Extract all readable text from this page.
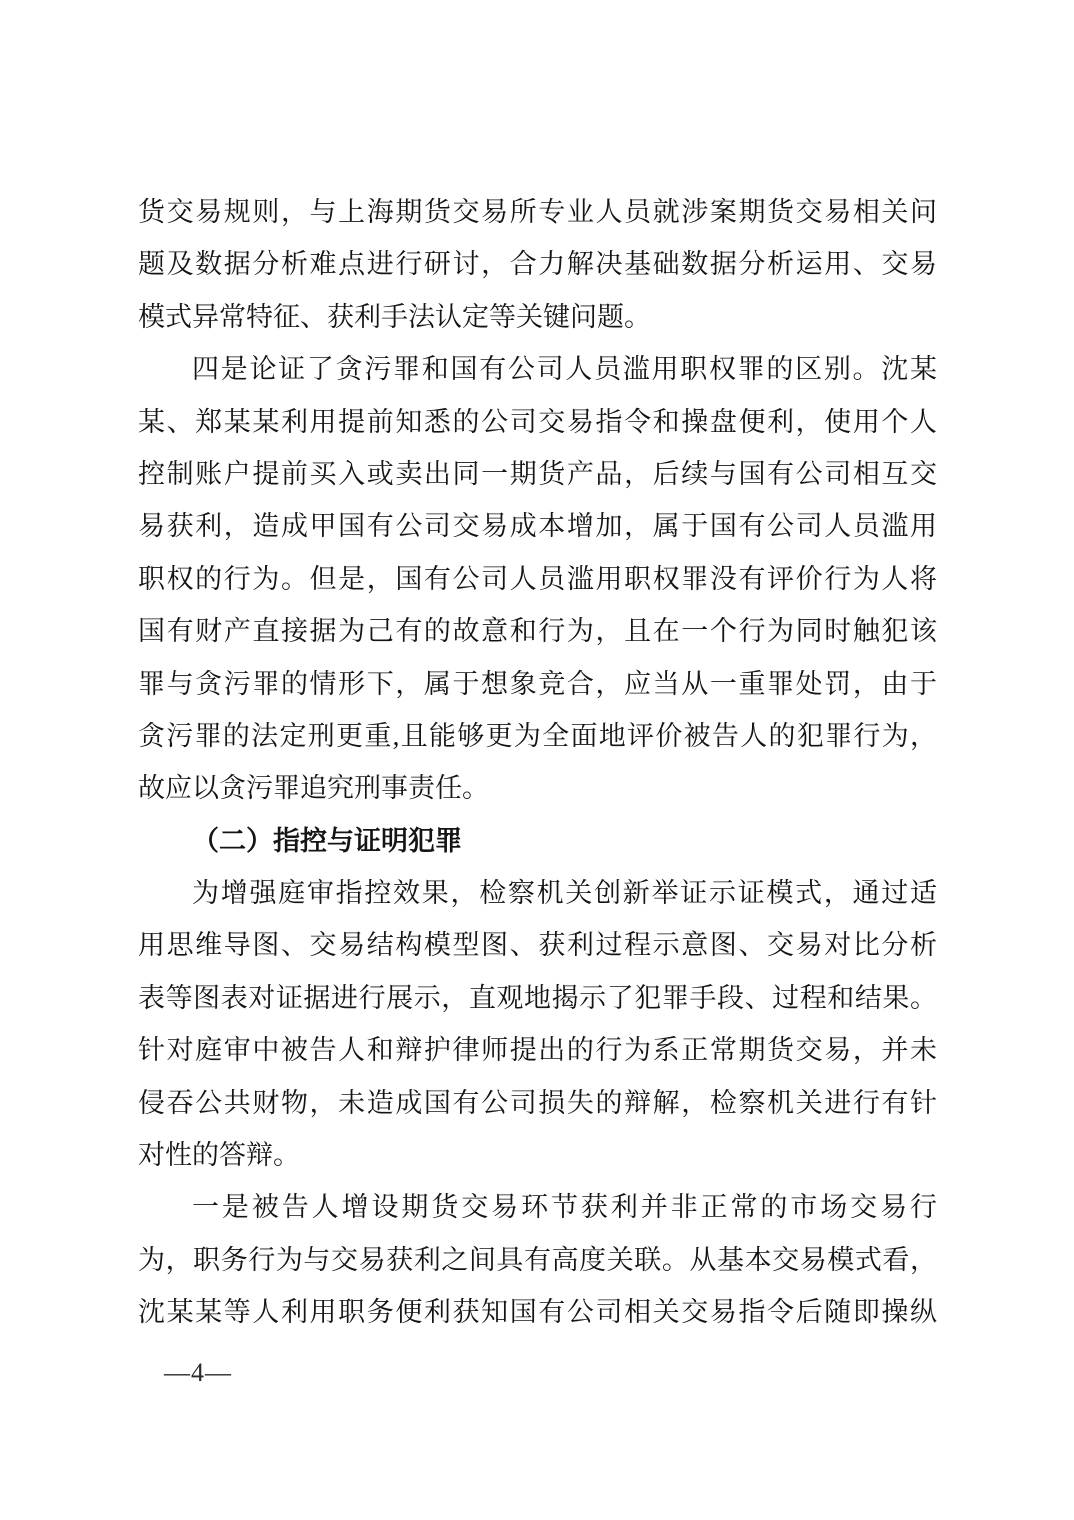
货交易规则，与上海期货交易所专业人员就涉案期货交易相关问
题及数据分析难点进行研讨，合力解决基础数据分析运用、交易
模式异常特征、获利手法认定等关键问题。
四是论证了贪污罪和国有公司人员滥用职权罪的区别。沈某
某、郑某某利用提前知悉的公司交易指令和操盘便利，使用个人
控制账户提前买入或卖出同一期货产品，后续与国有公司相互交
易获利，造成甲国有公司交易成本增加，属于国有公司人员滥用
职权的行为。但是，国有公司人员滥用职权罪没有评价行为人将
国有财产直接据为己有的故意和行为，且在一个行为同时触犯该
罪与贪污罪的情形下，属于想象竞合，应当从一重罪处罚，由于
贪污罪的法定刑更重,且能够更为全面地评价被告人的犯罪行为，
故应以贪污罪追究刑事责任。
（二）指控与证明犯罪
为增强庭审指控效果，检察机关创新举证示证模式，通过适
用思维导图、交易结构模型图、获利过程示意图、交易对比分析
表等图表对证据进行展示，直观地揭示了犯罪手段、过程和结果。
针对庭审中被告人和辩护律师提出的行为系正常期货交易，并未
侵吞公共财物，未造成国有公司损失的辩解，检察机关进行有针
对性的答辩。
一是被告人增设期货交易环节获利并非正常的市场交易行
为，职务行为与交易获利之间具有高度关联。从基本交易模式看，
沈某某等人利用职务便利获知国有公司相关交易指令后随即操纵
—4—
